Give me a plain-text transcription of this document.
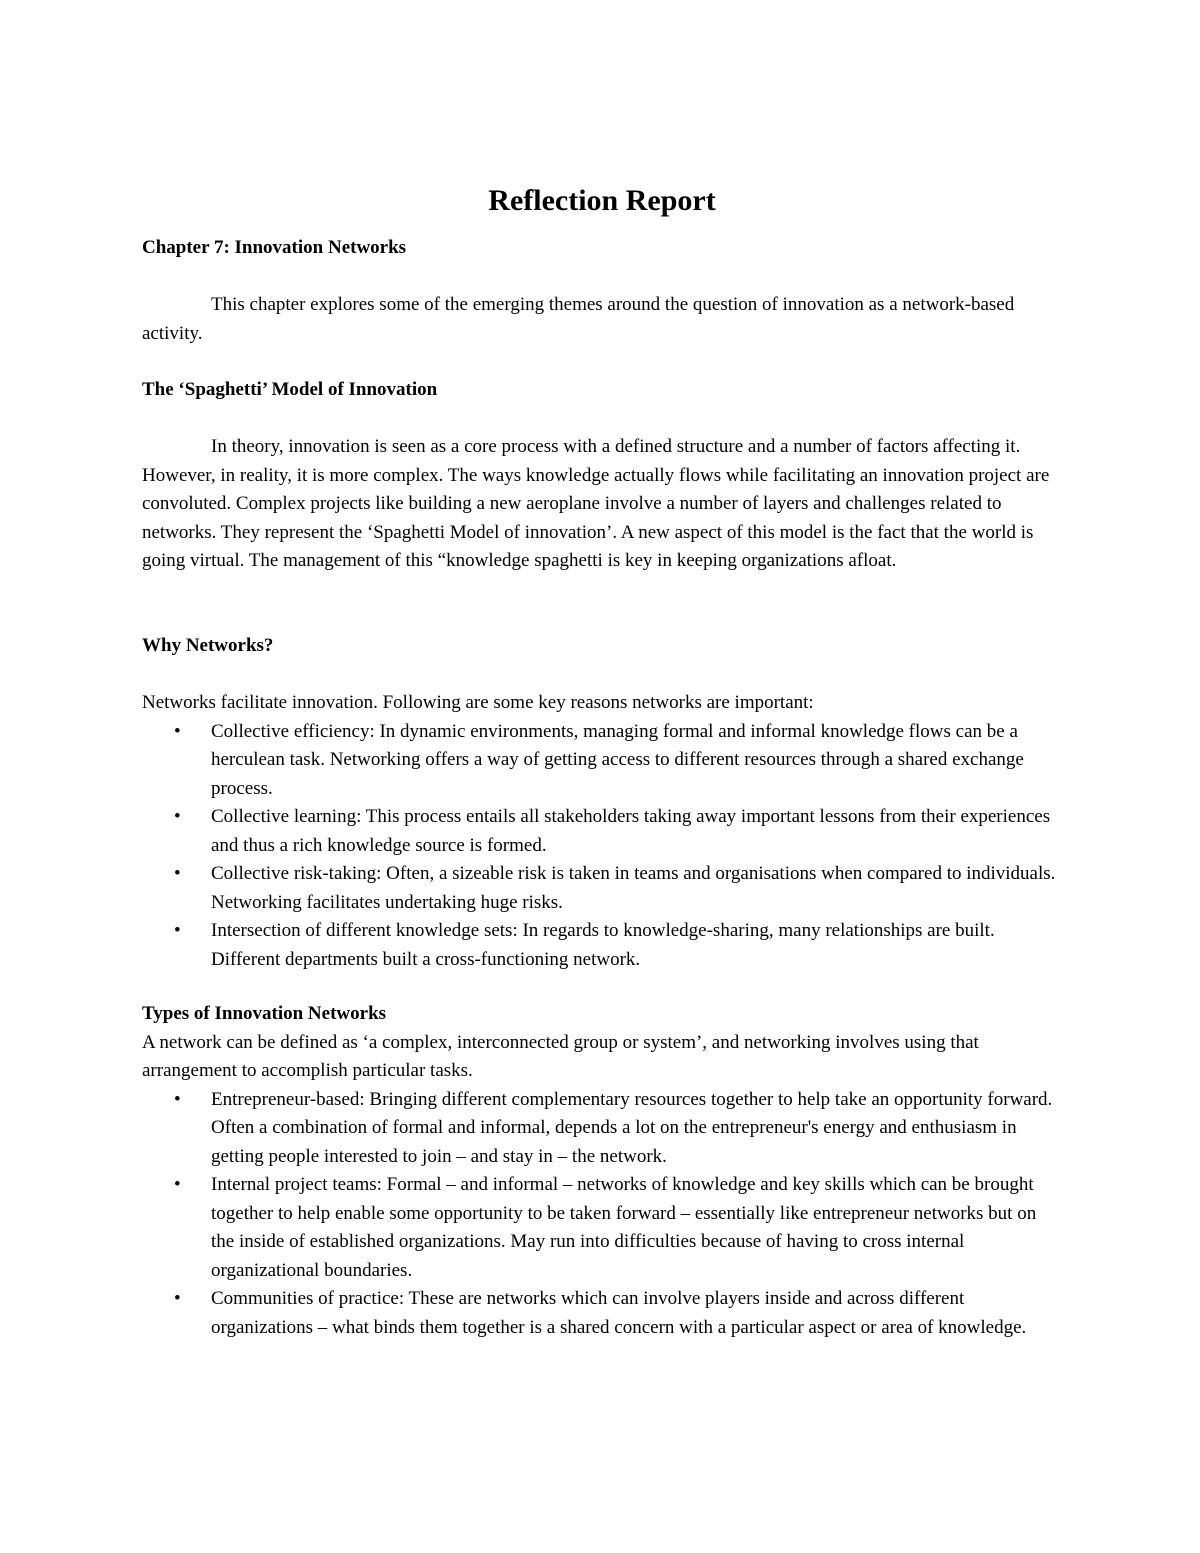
Reflection Report

Chapter 7: Innovation Networks

This chapter explores some of the emerging themes around the question of innovation as a network-based activity.

The ‘Spaghetti’ Model of Innovation

In theory, innovation is seen as a core process with a defined structure and a number of factors affecting it. However, in reality, it is more complex. The ways knowledge actually flows while facilitating an innovation project are convoluted. Complex projects like building a new aeroplane involve a number of layers and challenges related to networks. They represent the ‘Spaghetti Model of innovation’. A new aspect of this model is the fact that the world is going virtual. The management of this “knowledge spaghetti is key in keeping organizations afloat.

Why Networks?

Networks facilitate innovation. Following are some key reasons networks are important:

• Collective efficiency: In dynamic environments, managing formal and informal knowledge flows can be a herculean task. Networking offers a way of getting access to different resources through a shared exchange process.
• Collective learning: This process entails all stakeholders taking away important lessons from their experiences and thus a rich knowledge source is formed.
• Collective risk-taking: Often, a sizeable risk is taken in teams and organisations when compared to individuals. Networking facilitates undertaking huge risks.
• Intersection of different knowledge sets: In regards to knowledge-sharing, many relationships are built. Different departments built a cross-functioning network.

Types of Innovation Networks

A network can be defined as ‘a complex, interconnected group or system’, and networking involves using that arrangement to accomplish particular tasks.

• Entrepreneur-based: Bringing different complementary resources together to help take an opportunity forward. Often a combination of formal and informal, depends a lot on the entrepreneur's energy and enthusiasm in getting people interested to join – and stay in – the network.
• Internal project teams: Formal – and informal – networks of knowledge and key skills which can be brought together to help enable some opportunity to be taken forward – essentially like entrepreneur networks but on the inside of established organizations. May run into difficulties because of having to cross internal organizational boundaries.
• Communities of practice: These are networks which can involve players inside and across different organizations – what binds them together is a shared concern with a particular aspect or area of knowledge.
